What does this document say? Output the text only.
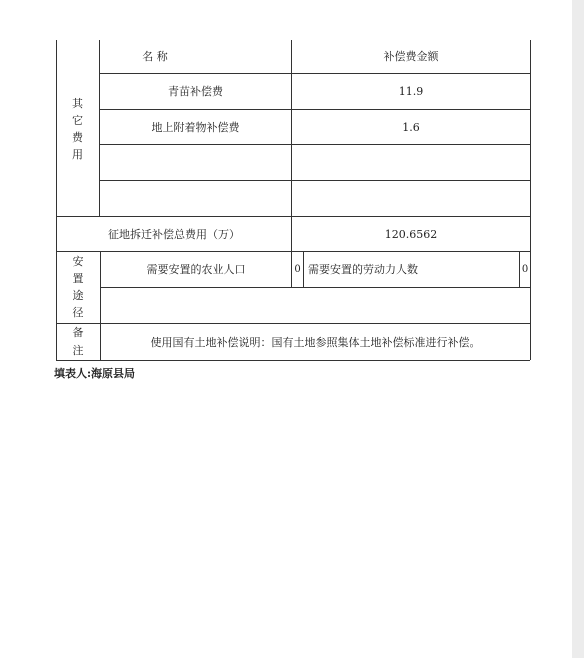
名 称	补偿费金额
其
它
费
用
青苗补偿费	11.9
地上附着物补偿费	1.6
征地拆迁补偿总费用（万）	120.6562
安
置
途
径
需要安置的农业人口	0 需要安置的劳动力人数	0
备
注
使用国有土地补偿说明：国有土地参照集体土地补偿标准进行补偿。
填表人:海原县局
